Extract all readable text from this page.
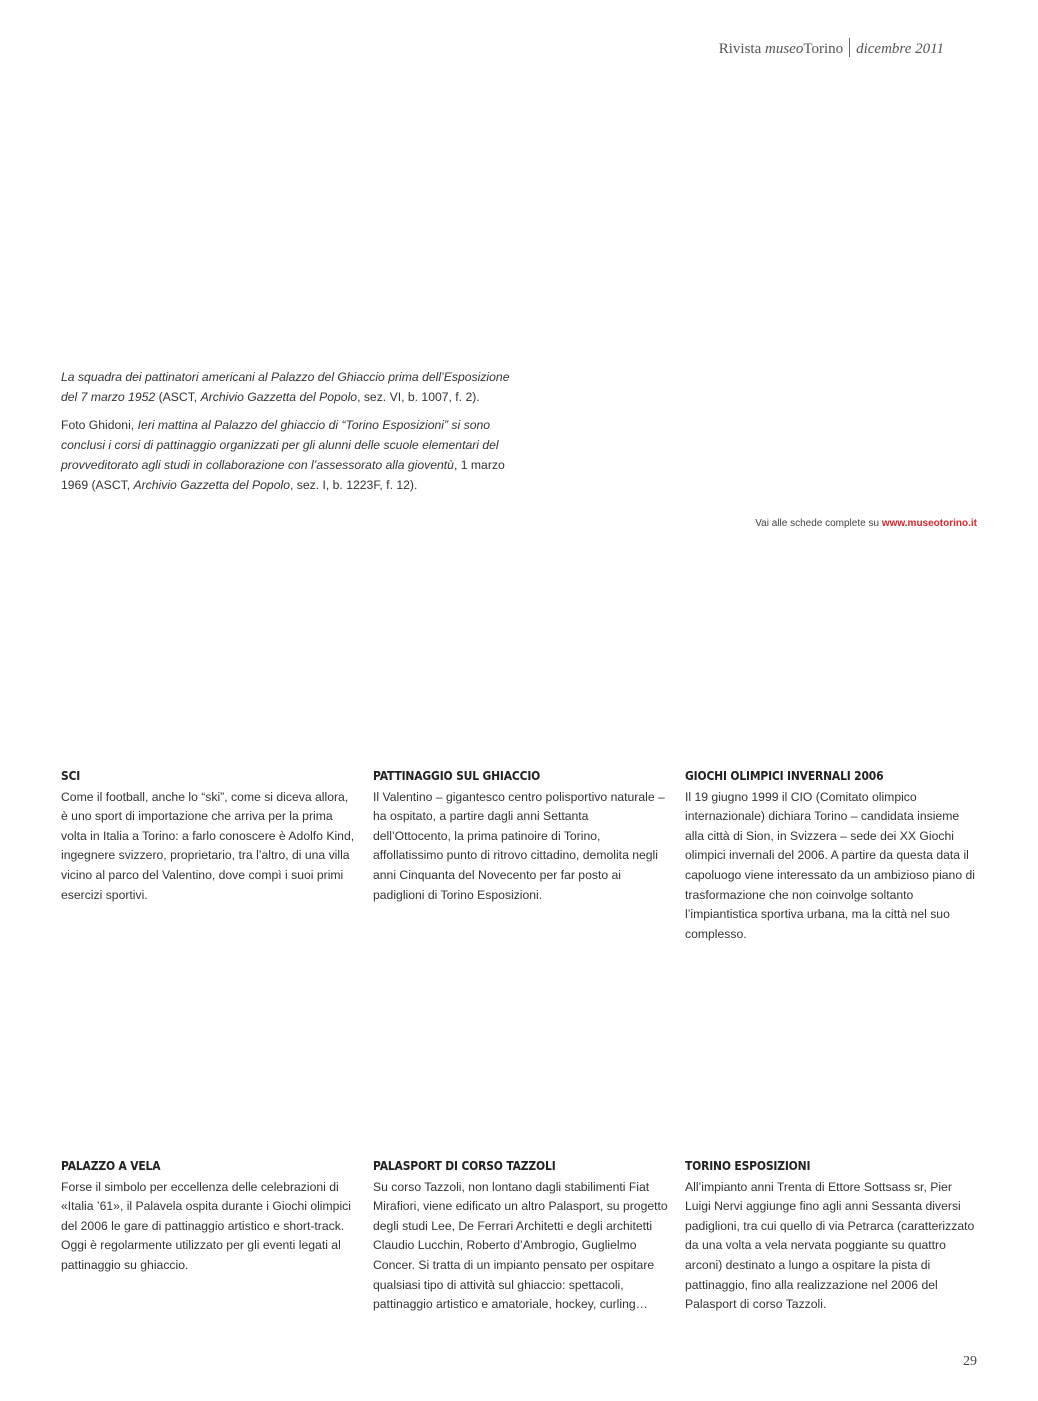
Rivista museoTorino dicembre 2011

La squadra dei pattinatori americani al Palazzo del Ghiaccio prima dell’Esposizione del 7 marzo 1952 (ASCT, Archivio Gazzetta del Popolo, sez. VI, b. 1007, f. 2).

Foto Ghidoni, Ieri mattina al Palazzo del ghiaccio di “Torino Esposizioni” si sono conclusi i corsi di pattinaggio organizzati per gli alunni delle scuole elementari del provveditorato agli studi in collaborazione con l’assessorato alla gioventù, 1 marzo 1969 (ASCT, Archivio Gazzetta del Popolo, sez. I, b. 1223F, f. 12).

Vai alle schede complete su www.museotorino.it
SCI

Come il football, anche lo “ski”, come si diceva allora, è uno sport di importazione che arriva per la prima volta in Italia a Torino: a farlo conoscere è Adolfo Kind, ingegnere svizzero, proprietario, tra l’altro, di una villa vicino al parco del Valentino, dove compì i suoi primi esercizi sportivi.

PATTINAGGIO SUL GHIACCIO

Il Valentino – gigantesco centro polisportivo naturale – ha ospitato, a partire dagli anni Settanta dell’Ottocento, la prima patinoire di Torino, affollatissimo punto di ritrovo cittadino, demolita negli anni Cinquanta del Novecento per far posto ai padiglioni di Torino Esposizioni.

GIOCHI OLIMPICI INVERNALI 2006

Il 19 giugno 1999 il CIO (Comitato olimpico internazionale) dichiara Torino – candidata insieme alla città di Sion, in Svizzera – sede dei XX Giochi olimpici invernali del 2006. A partire da questa data il capoluogo viene interessato da un ambizioso piano di trasformazione che non coinvolge soltanto l’impiantistica sportiva urbana, ma la città nel suo complesso.

PALAZZO A VELA

Forse il simbolo per eccellenza delle celebrazioni di «Italia ’61», il Palavela ospita durante i Giochi olimpici del 2006 le gare di pattinaggio artistico e short-track. Oggi è regolarmente utilizzato per gli eventi legati al pattinaggio su ghiaccio.

PALASPORT DI CORSO TAZZOLI

Su corso Tazzoli, non lontano dagli stabilimenti Fiat Mirafiori, viene edificato un altro Palasport, su progetto degli studi Lee, De Ferrari Architetti e degli architetti Claudio Lucchin, Roberto d’Ambrogio, Guglielmo Concer. Si tratta di un impianto pensato per ospitare qualsiasi tipo di attività sul ghiaccio: spettacoli, pattinaggio artistico e amatoriale, hockey, curling…

TORINO ESPOSIZIONI

All’impianto anni Trenta di Ettore Sottsass sr, Pier Luigi Nervi aggiunge fino agli anni Sessanta diversi padiglioni, tra cui quello di via Petrarca (caratterizzato da una volta a vela nervata poggiante su quattro arconi) destinato a lungo a ospitare la pista di pattinaggio, fino alla realizzazione nel 2006 del Palasport di corso Tazzoli.

29
